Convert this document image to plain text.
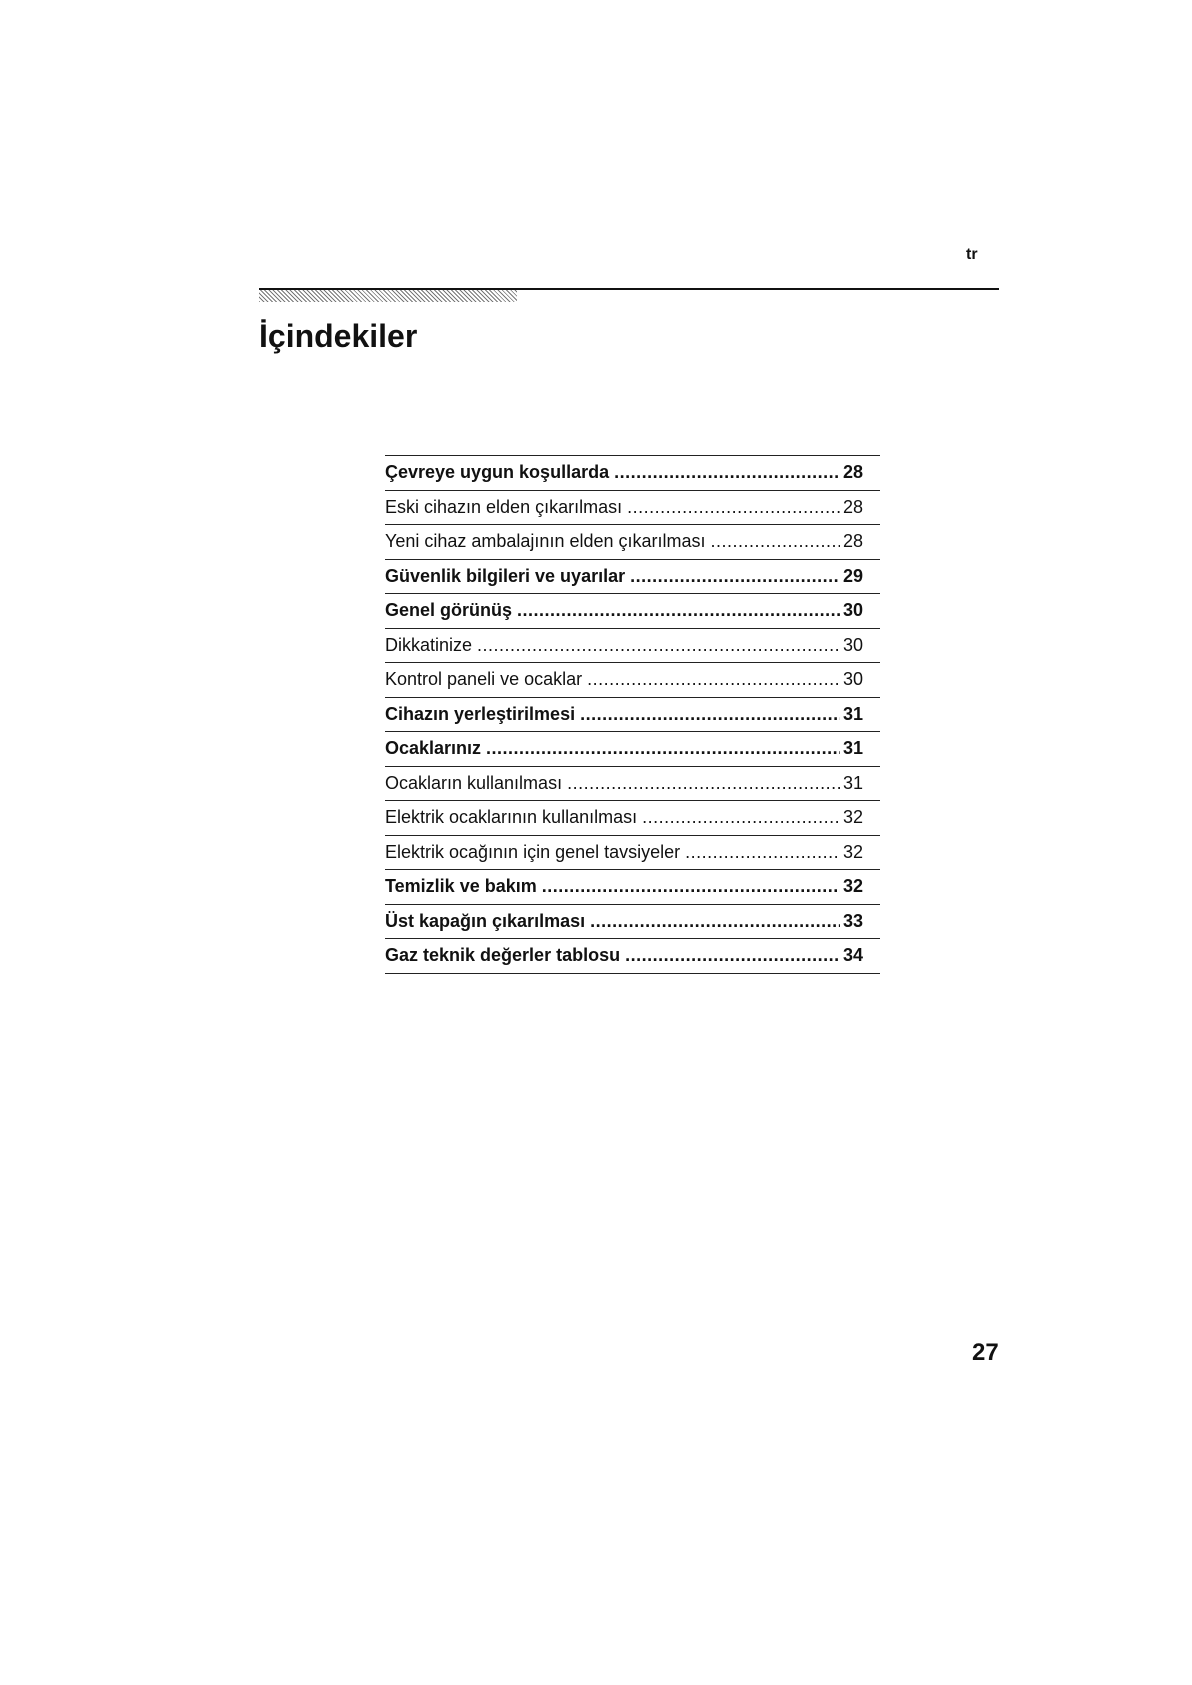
tr
İçindekiler
Çevreye uygun koşullarda .....	28
Eski cihazın elden çıkarılması .....	28
Yeni cihaz ambalajının elden çıkarılması .....	28
Güvenlik bilgileri ve uyarılar .....	29
Genel görünüş .....	30
Dikkatinize .....	30
Kontrol paneli ve ocaklar .....	30
Cihazın yerleştirilmesi .....	31
Ocaklarınız .....	31
Ocakların kullanılması .....	31
Elektrik ocaklarının kullanılması .....	32
Elektrik ocağının için genel tavsiyeler .....	32
Temizlik ve bakım .....	32
Üst kapağın çıkarılması .....	33
Gaz teknik değerler tablosu .....	34
27
